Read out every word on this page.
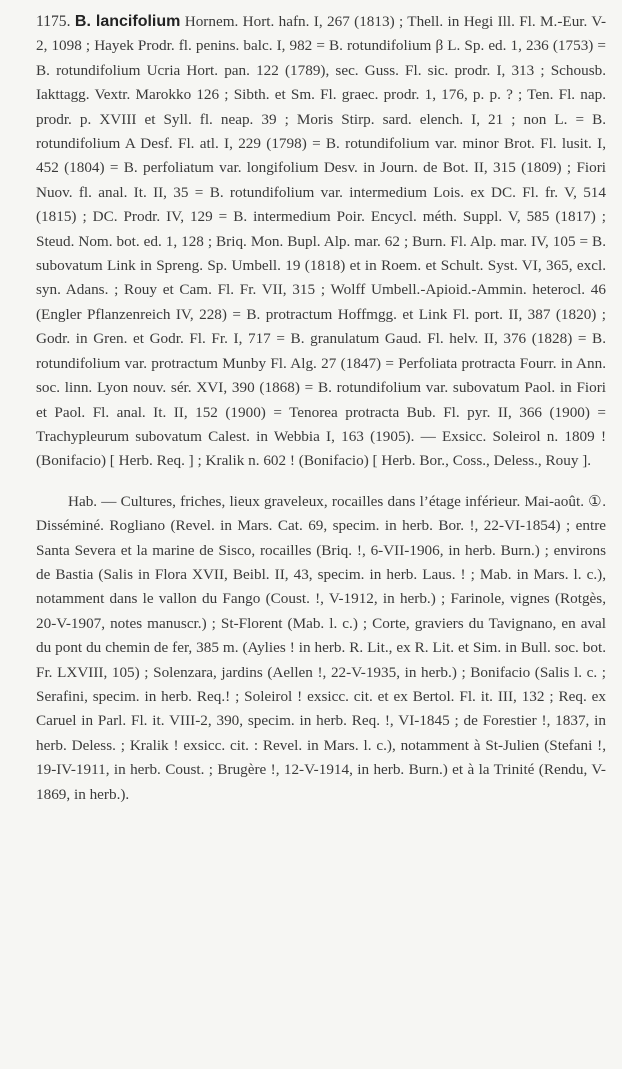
1175. B. lancifolium Hornem. Hort. hafn. I, 267 (1813) ; Thell. in Hegi Ill. Fl. M.-Eur. V-2, 1098 ; Hayek Prodr. fl. penins. balc. I, 982 = B. rotundifolium β L. Sp. ed. 1, 236 (1753) = B. rotundifolium Ucria Hort. pan. 122 (1789), sec. Guss. Fl. sic. prodr. I, 313 ; Schousb. Iakttagg. Vextr. Marokko 126 ; Sibth. et Sm. Fl. graec. prodr. 1, 176, p. p. ? ; Ten. Fl. nap. prodr. p. XVIII et Syll. fl. neap. 39 ; Moris Stirp. sard. elench. I, 21 ; non L. = B. rotundifolium A Desf. Fl. atl. I, 229 (1798) = B. rotundifolium var. minor Brot. Fl. lusit. I, 452 (1804) = B. perfoliatum var. longifolium Desv. in Journ. de Bot. II, 315 (1809) ; Fiori Nuov. fl. anal. It. II, 35 = B. rotundifolium var. intermedium Lois. ex DC. Fl. fr. V, 514 (1815) ; DC. Prodr. IV, 129 = B. intermedium Poir. Encycl. méth. Suppl. V, 585 (1817) ; Steud. Nom. bot. ed. 1, 128 ; Briq. Mon. Bupl. Alp. mar. 62 ; Burn. Fl. Alp. mar. IV, 105 = B. subovatum Link in Spreng. Sp. Umbell. 19 (1818) et in Roem. et Schult. Syst. VI, 365, excl. syn. Adans. ; Rouy et Cam. Fl. Fr. VII, 315 ; Wolff Umbell.-Apioid.-Ammin. heterocl. 46 (Engler Pflanzenreich IV, 228) = B. protractum Hoffmgg. et Link Fl. port. II, 387 (1820) ; Godr. in Gren. et Godr. Fl. Fr. I, 717 = B. granulatum Gaud. Fl. helv. II, 376 (1828) = B. rotundifolium var. protractum Munby Fl. Alg. 27 (1847) = Perfoliata protracta Fourr. in Ann. soc. linn. Lyon nouv. sér. XVI, 390 (1868) = B. rotundifolium var. subovatum Paol. in Fiori et Paol. Fl. anal. It. II, 152 (1900) = Tenorea protracta Bub. Fl. pyr. II, 366 (1900) = Trachypleurum subovatum Calest. in Webbia I, 163 (1905). — Exsicc. Soleirol n. 1809 ! (Bonifacio) [ Herb. Req. ] ; Kralik n. 602 ! (Bonifacio) [ Herb. Bor., Coss., Deless., Rouy ].

Hab. — Cultures, friches, lieux graveleux, rocailles dans l’étage inférieur. Mai-août. ①. Disséminé. Rogliano (Revel. in Mars. Cat. 69, specim. in herb. Bor. !, 22-VI-1854) ; entre Santa Severa et la marine de Sisco, rocailles (Briq. !, 6-VII-1906, in herb. Burn.) ; environs de Bastia (Salis in Flora XVII, Beibl. II, 43, specim. in herb. Laus. ! ; Mab. in Mars. l. c.), notamment dans le vallon du Fango (Coust. !, V-1912, in herb.) ; Farinole, vignes (Rotgès, 20-V-1907, notes manuscr.) ; St-Florent (Mab. l. c.) ; Corte, graviers du Tavignano, en aval du pont du chemin de fer, 385 m. (Aylies ! in herb. R. Lit., ex R. Lit. et Sim. in Bull. soc. bot. Fr. LXVIII, 105) ; Solenzara, jardins (Aellen !, 22-V-1935, in herb.) ; Bonifacio (Salis l. c. ; Serafini, specim. in herb. Req.! ; Soleirol ! exsicc. cit. et ex Bertol. Fl. it. III, 132 ; Req. ex Caruel in Parl. Fl. it. VIII-2, 390, specim. in herb. Req. !, VI-1845 ; de Forestier !, 1837, in herb. Deless. ; Kralik ! exsicc. cit. : Revel. in Mars. l. c.), notamment à St-Julien (Stefani !, 19-IV-1911, in herb. Coust. ; Brugère !, 12-V-1914, in herb. Burn.) et à la Trinité (Rendu, V-1869, in herb.).
